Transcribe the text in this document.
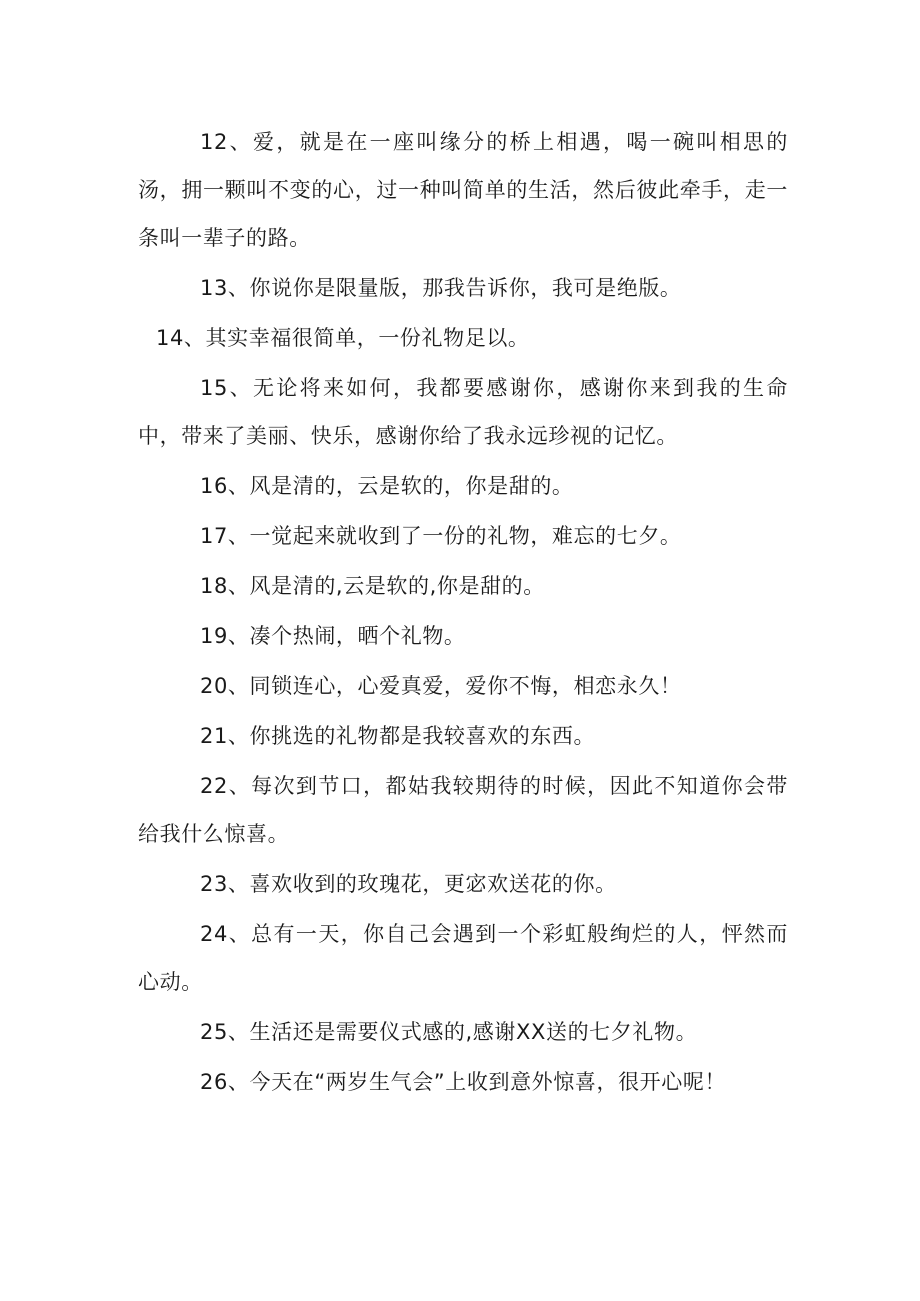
12、爱，就是在一座叫缘分的桥上相遇，喝一碗叫相思的汤，拥一颗叫不变的心，过一种叫简单的生活，然后彼此牵手，走一条叫一辈子的路。

13、你说你是限量版，那我告诉你，我可是绝版。

14、其实幸福很简单，一份礼物足以。

15、无论将来如何，我都要感谢你，感谢你来到我的生命中，带来了美丽、快乐，感谢你给了我永远珍视的记忆。

16、风是清的，云是软的，你是甜的。

17、一觉起来就收到了一份的礼物，难忘的七夕。

18、风是清的,云是软的,你是甜的。

19、凑个热闹，晒个礼物。

20、同锁连心，心爱真爱，爱你不悔，相恋永久！

21、你挑选的礼物都是我较喜欢的东西。

22、每次到节口，都姑我较期待的时候，因此不知道你会带给我什么惊喜。

23、喜欢收到的玫瑰花，更宓欢送花的你。

24、总有一天，你自己会遇到一个彩虹般绚烂的人，怦然而心动。

25、生活还是需要仪式感的,感谢XX送的七夕礼物。

26、今天在“两岁生气会”上收到意外惊喜，很开心呢！
